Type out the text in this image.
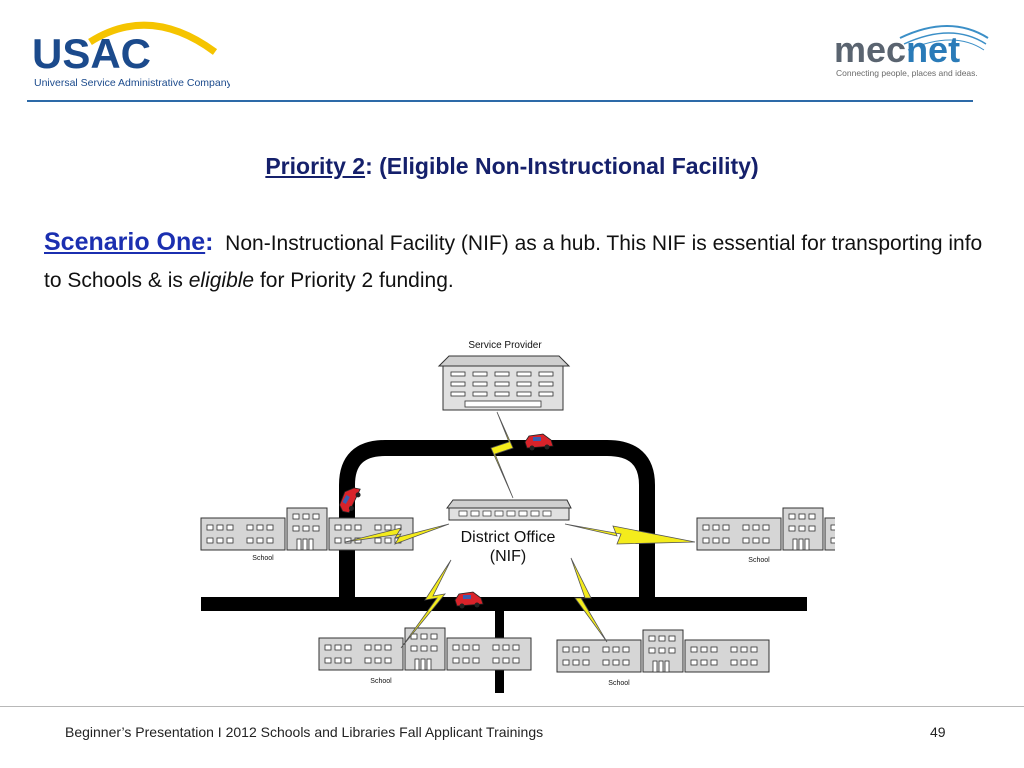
USAC
Universal Service Administrative Company
mecnet
Connecting people, places and ideas.
Priority 2: (Eligible Non-Instructional Facility)
Scenario One: Non-Instructional Facility (NIF) as a hub. This NIF is essential for transporting info to Schools & is eligible for Priority 2 funding.
Service Provider
District Office
(NIF)
School	School
School	School
Beginner’s Presentation I 2012 Schools and Libraries Fall Applicant Trainings	49
